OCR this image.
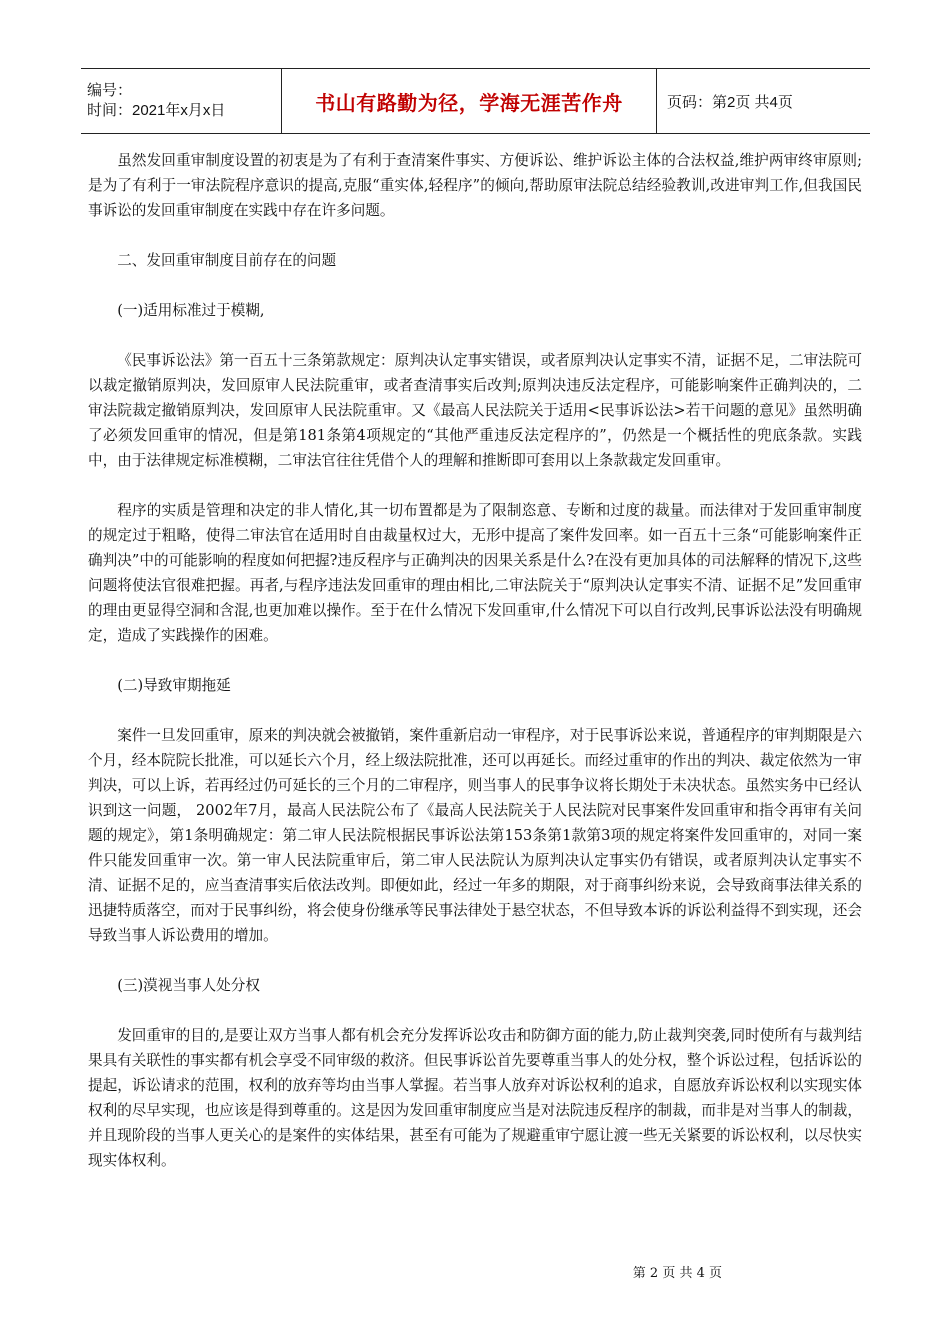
编号：
时间：2021年x月x日	书山有路勤为径，学海无涯苦作舟	页码：第2页 共4页

虽然发回重审制度设置的初衷是为了有利于查清案件事实、方便诉讼、维护诉讼主体的合法权益,维护两审终审原则;是为了有利于一审法院程序意识的提高,克服“重实体,轻程序”的倾向,帮助原审法院总结经验教训,改进审判工作,但我国民事诉讼的发回重审制度在实践中存在许多问题。

二、发回重审制度目前存在的问题

(一)适用标准过于模糊,

《民事诉讼法》第一百五十三条第款规定：原判决认定事实错误，或者原判决认定事实不清，证据不足，二审法院可以裁定撤销原判决，发回原审人民法院重审，或者查清事实后改判;原判决违反法定程序，可能影响案件正确判决的，二审法院裁定撤销原判决，发回原审人民法院重审。又《最高人民法院关于适用<民事诉讼法>若干问题的意见》虽然明确了必须发回重审的情况，但是第181条第4项规定的“其他严重违反法定程序的”，仍然是一个概括性的兜底条款。实践中，由于法律规定标准模糊，二审法官往往凭借个人的理解和推断即可套用以上条款裁定发回重审。

程序的实质是管理和决定的非人情化,其一切布置都是为了限制恣意、专断和过度的裁量。而法律对于发回重审制度的规定过于粗略，使得二审法官在适用时自由裁量权过大，无形中提高了案件发回率。如一百五十三条“可能影响案件正确判决”中的可能影响的程度如何把握?违反程序与正确判决的因果关系是什么?在没有更加具体的司法解释的情况下,这些问题将使法官很难把握。再者,与程序违法发回重审的理由相比,二审法院关于“原判决认定事实不清、证据不足”发回重审的理由更显得空洞和含混,也更加难以操作。至于在什么情况下发回重审,什么情况下可以自行改判,民事诉讼法没有明确规定，造成了实践操作的困难。

(二)导致审期拖延

案件一旦发回重审，原来的判决就会被撤销，案件重新启动一审程序，对于民事诉讼来说，普通程序的审判期限是六个月，经本院院长批准，可以延长六个月，经上级法院批准，还可以再延长。而经过重审的作出的判决、裁定依然为一审判决，可以上诉，若再经过仍可延长的三个月的二审程序，则当事人的民事争议将长期处于未决状态。虽然实务中已经认识到这一问题， 2002年7月，最高人民法院公布了《最高人民法院关于人民法院对民事案件发回重审和指令再审有关问题的规定》，第1条明确规定：第二审人民法院根据民事诉讼法第153条第1款第3项的规定将案件发回重审的，对同一案件只能发回重审一次。第一审人民法院重审后，第二审人民法院认为原判决认定事实仍有错误，或者原判决认定事实不清、证据不足的，应当查清事实后依法改判。即便如此，经过一年多的期限，对于商事纠纷来说，会导致商事法律关系的迅捷特质落空，而对于民事纠纷，将会使身份继承等民事法律处于悬空状态，不但导致本诉的诉讼利益得不到实现，还会导致当事人诉讼费用的增加。

(三)漠视当事人处分权

发回重审的目的,是要让双方当事人都有机会充分发挥诉讼攻击和防御方面的能力,防止裁判突袭,同时使所有与裁判结果具有关联性的事实都有机会享受不同审级的救济。但民事诉讼首先要尊重当事人的处分权，整个诉讼过程，包括诉讼的提起，诉讼请求的范围，权利的放弃等均由当事人掌握。若当事人放弃对诉讼权利的追求，自愿放弃诉讼权利以实现实体权利的尽早实现，也应该是得到尊重的。这是因为发回重审制度应当是对法院违反程序的制裁，而非是对当事人的制裁，并且现阶段的当事人更关心的是案件的实体结果，甚至有可能为了规避重审宁愿让渡一些无关紧要的诉讼权利，以尽快实现实体权利。

第 2 页 共 4 页
